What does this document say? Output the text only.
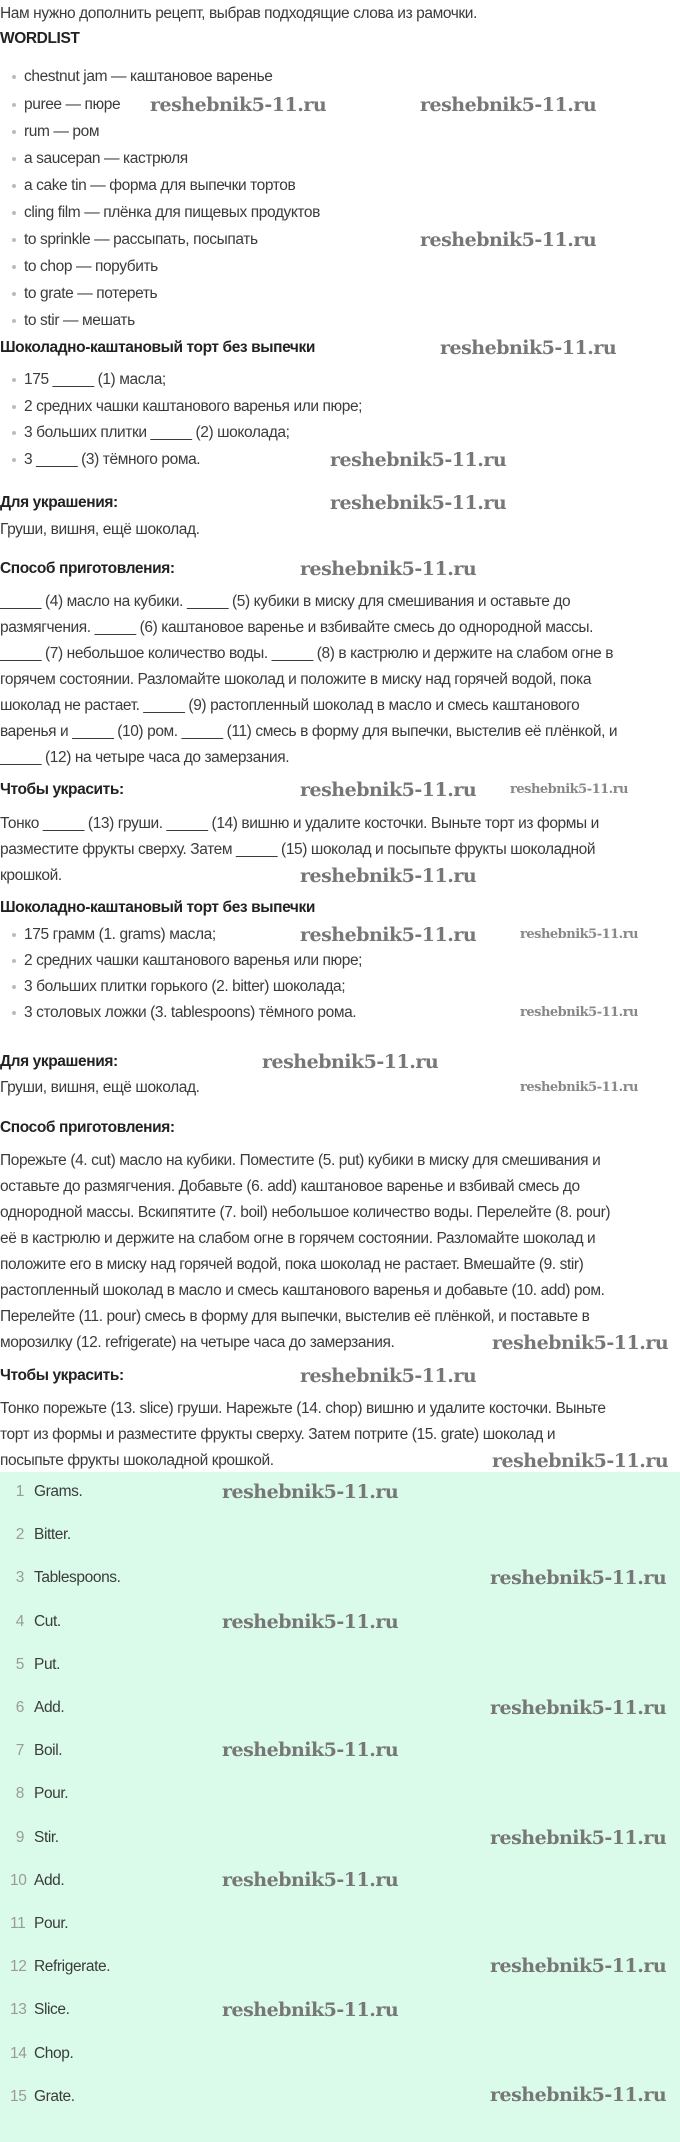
Нам нужно дополнить рецепт, выбрав подходящие слова из рамочки.
WORDLIST
chestnut jam — каштановое варенье
puree — пюре
rum — ром
a saucepan — кастрюля
a cake tin — форма для выпечки тортов
cling film — плёнка для пищевых продуктов
to sprinkle — рассыпать, посыпать
to chop — порубить
to grate — потереть
to stir — мешать
Шоколадно-каштановый торт без выпечки
175 _____ (1) масла;
2 средних чашки каштанового варенья или пюре;
3 больших плитки _____ (2) шоколада;
3 _____ (3) тёмного рома.
Для украшения:
Груши, вишня, ещё шоколад.
Способ приготовления:
_____ (4) масло на кубики. _____ (5) кубики в миску для смешивания и оставьте до
размягчения. _____ (6) каштановое варенье и взбивайте смесь до однородной массы.
_____ (7) небольшое количество воды. _____ (8) в кастрюлю и держите на слабом огне в
горячем состоянии. Разломайте шоколад и положите в миску над горячей водой, пока
шоколад не растает. _____ (9) растопленный шоколад в масло и смесь каштанового
варенья и _____ (10) ром. _____ (11) смесь в форму для выпечки, выстелив её плёнкой, и
_____ (12) на четыре часа до замерзания.
Чтобы украсить:
Тонко _____ (13) груши. _____ (14) вишню и удалите косточки. Выньте торт из формы и
разместите фрукты сверху. Затем _____ (15) шоколад и посыпьте фрукты шоколадной
крошкой.
Шоколадно-каштановый торт без выпечки
175 грамм (1. grams) масла;
2 средних чашки каштанового варенья или пюре;
3 больших плитки горького (2. bitter) шоколада;
3 столовых ложки (3. tablespoons) тёмного рома.
Для украшения:
Груши, вишня, ещё шоколад.
Способ приготовления:
Порежьте (4. cut) масло на кубики. Поместите (5. put) кубики в миску для смешивания и
оставьте до размягчения. Добавьте (6. add) каштановое варенье и взбивай смесь до
однородной массы. Вскипятите (7. boil) небольшое количество воды. Перелейте (8. pour)
её в кастрюлю и держите на слабом огне в горячем состоянии. Разломайте шоколад и
положите его в миску над горячей водой, пока шоколад не растает. Вмешайте (9. stir)
растопленный шоколад в масло и смесь каштанового варенья и добавьте (10. add) ром.
Перелейте (11. pour) смесь в форму для выпечки, выстелив её плёнкой, и поставьте в
морозилку (12. refrigerate) на четыре часа до замерзания.
Чтобы украсить:
Тонко порежьте (13. slice) груши. Нарежьте (14. chop) вишню и удалите косточки. Выньте
торт из формы и разместите фрукты сверху. Затем потрите (15. grate) шоколад и
посыпьте фрукты шоколадной крошкой.
1 Grams.
2 Bitter.
3 Tablespoons.
4 Cut.
5 Put.
6 Add.
7 Boil.
8 Pour.
9 Stir.
10 Add.
11 Pour.
12 Refrigerate.
13 Slice.
14 Chop.
15 Grate.
reshebnik5-11.ru	reshebnik5-11.ru
reshebnik5-11.ru
reshebnik5-11.ru
reshebnik5-11.ru
reshebnik5-11.ru
reshebnik5-11.ru
reshebnik5-11.ru	reshebnik5-11.ru
reshebnik5-11.ru
reshebnik5-11.ru	reshebnik5-11.ru
reshebnik5-11.ru
reshebnik5-11.ru
reshebnik5-11.ru
reshebnik5-11.ru
reshebnik5-11.ru
reshebnik5-11.ru
reshebnik5-11.ru
reshebnik5-11.ru
reshebnik5-11.ru
reshebnik5-11.ru
reshebnik5-11.ru
reshebnik5-11.ru
reshebnik5-11.ru
reshebnik5-11.ru
reshebnik5-11.ru
reshebnik5-11.ru
